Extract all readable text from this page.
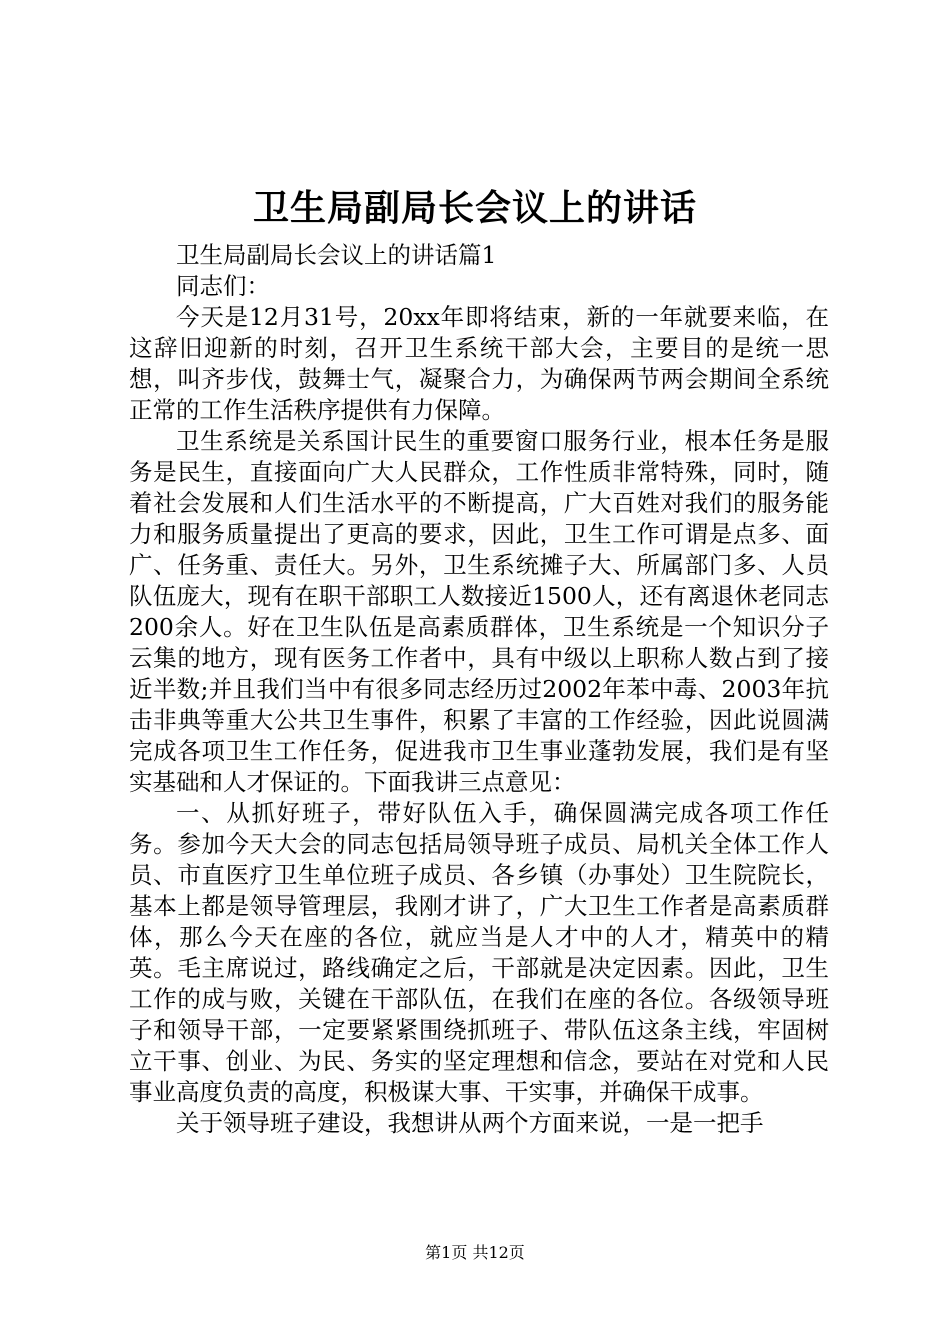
卫生局副局长会议上的讲话

卫生局副局长会议上的讲话篇1

同志们：

今天是12月31号，20xx年即将结束，新的一年就要来临，在这辞旧迎新的时刻，召开卫生系统干部大会，主要目的是统一思想，叫齐步伐，鼓舞士气，凝聚合力，为确保两节两会期间全系统正常的工作生活秩序提供有力保障。

卫生系统是关系国计民生的重要窗口服务行业，根本任务是服务是民生，直接面向广大人民群众，工作性质非常特殊，同时，随着社会发展和人们生活水平的不断提高，广大百姓对我们的服务能力和服务质量提出了更高的要求，因此，卫生工作可谓是点多、面广、任务重、责任大。另外，卫生系统摊子大、所属部门多、人员队伍庞大，现有在职干部职工人数接近1500人，还有离退休老同志200余人。好在卫生队伍是高素质群体，卫生系统是一个知识分子云集的地方，现有医务工作者中，具有中级以上职称人数占到了接近半数;并且我们当中有很多同志经历过2002年苯中毒、2003年抗击非典等重大公共卫生事件，积累了丰富的工作经验，因此说圆满完成各项卫生工作任务，促进我市卫生事业蓬勃发展，我们是有坚实基础和人才保证的。下面我讲三点意见：

一、从抓好班子，带好队伍入手，确保圆满完成各项工作任务。参加今天大会的同志包括局领导班子成员、局机关全体工作人员、市直医疗卫生单位班子成员、各乡镇（办事处）卫生院院长，基本上都是领导管理层，我刚才讲了，广大卫生工作者是高素质群体，那么今天在座的各位，就应当是人才中的人才，精英中的精英。毛主席说过，路线确定之后，干部就是决定因素。因此，卫生工作的成与败，关键在干部队伍，在我们在座的各位。各级领导班子和领导干部，一定要紧紧围绕抓班子、带队伍这条主线，牢固树立干事、创业、为民、务实的坚定理想和信念，要站在对党和人民事业高度负责的高度，积极谋大事、干实事，并确保干成事。

关于领导班子建设，我想讲从两个方面来说，一是一把手

第1页 共12页
